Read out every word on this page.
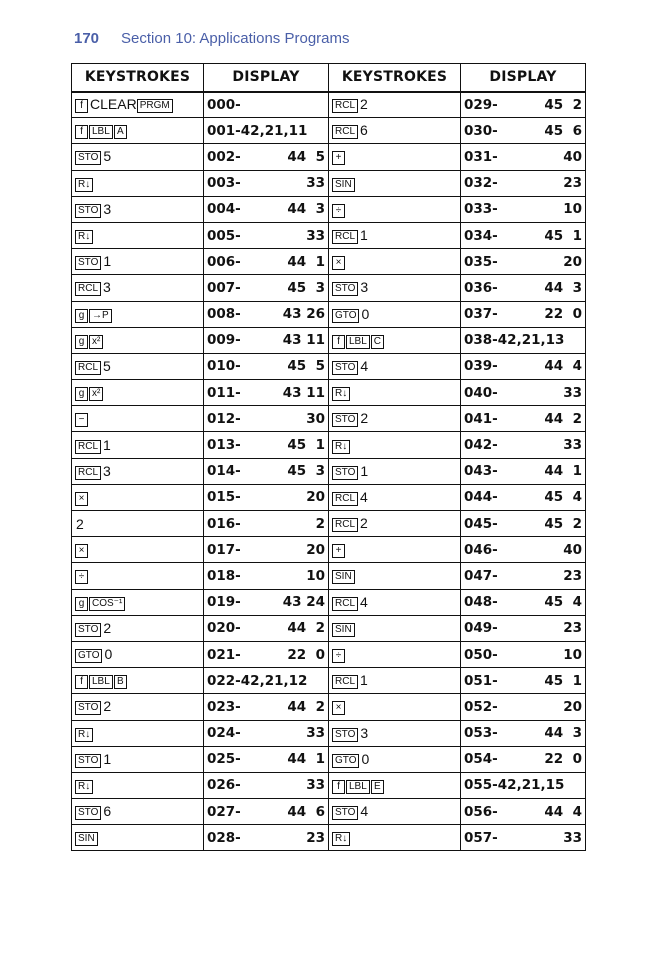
170 Section 10: Applications Programs
KEYSTROKES	DISPLAY	KEYSTROKES	DISPLAY
f CLEAR PRGM	000-	RCL 2	029- 45  2

f LBL A	001-42,21,11	RCL 6	030- 45  6

STO 5	002- 44  5	+	031- 40

R↓	003- 33	SIN	032- 23

STO 3	004- 44  3	÷	033- 10

R↓	005- 33	RCL 1	034- 45  1

STO 1	006- 44  1	×	035- 20

RCL 3	007- 45  3	STO 3	036- 44  3

g →P	008- 43 26	GTO 0	037- 22  0

g x²	009- 43 11	f LBL C	038-42,21,13

RCL 5	010- 45  5	STO 4	039- 44  4

g x²	011- 43 11	R↓	040- 33

−	012- 30	STO 2	041- 44  2

RCL 1	013- 45  1	R↓	042- 33

RCL 3	014- 45  3	STO 1	043- 44  1

×	015- 20	RCL 4	044- 45  4

2	016- 2	RCL 2	045- 45  2

×	017- 20	+	046- 40

÷	018- 10	SIN	047- 23

g COS⁻¹	019- 43 24	RCL 4	048- 45  4

STO 2	020- 44  2	SIN	049- 23

GTO 0	021- 22  0	÷	050- 10

f LBL B	022-42,21,12	RCL 1	051- 45  1

STO 2	023- 44  2	×	052- 20

R↓	024- 33	STO 3	053- 44  3

STO 1	025- 44  1	GTO 0	054- 22  0

R↓	026- 33	f LBL E	055-42,21,15

STO 6	027- 44  6	STO 4	056- 44  4

SIN	028- 23	R↓	057- 33
